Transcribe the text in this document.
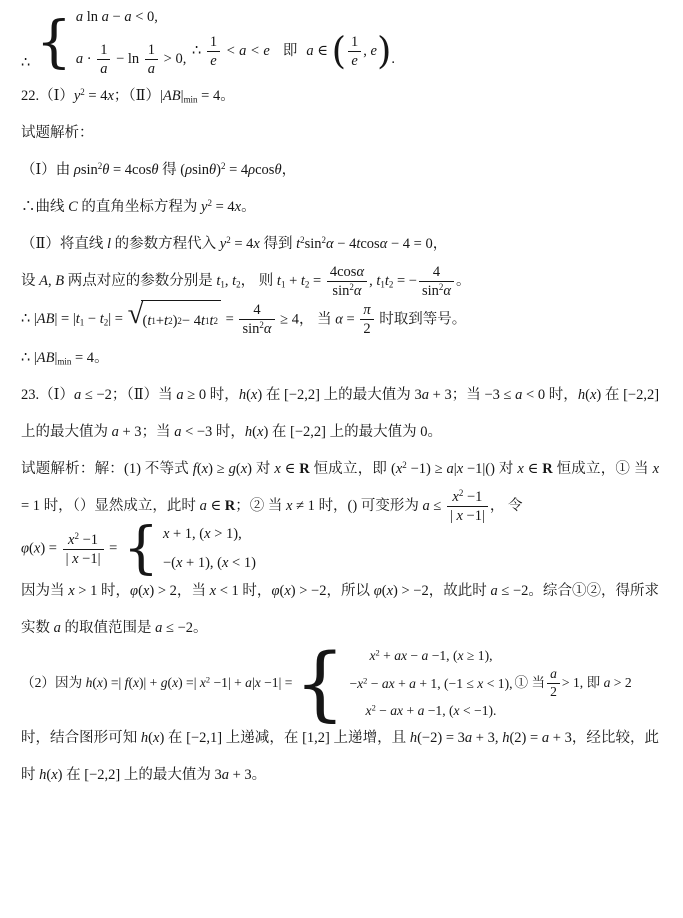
∴ { a ln a − a < 0,
$a \cdot \frac{1}{a} - \ln \frac{1}{a} > 0$, ∴ $\frac{1}{e} < a < e$ 即 a ∈ ( $\frac{1}{e}$ , e).

$22.(Ⅰ)y^2 = 4x$；$(Ⅱ)|AB|_{min} = 4$。

试题解析：

（Ⅰ）由 ρsin$^2$θ = 4cosθ 得 $(\rho\sin\theta)^2 = 4\rho\cos\theta$，

∴曲线 C 的直角坐标方程为 $y^2 = 4x$。

（Ⅱ）将直线 l 的参数方程代入 $y^2 = 4x$ 得到 $t^2\sin^2\alpha - 4tcos\alpha - 4 = 0$，

设 A, B 两点对应的参数分别是 $t_1$, $t_2$， 则 $t_1 + t_2 = \frac{4\cos\alpha}{\sin^2\alpha}$ , $t_1t_2$ = − $\frac{4}{\sin^2\alpha}$ 。

∴ $|AB| = |t_1 - t_2|$ = √ ( t 1 + t 2 ) 2 − 4 t 1 t $2 = \frac{4}{\sin^2\alpha} \ge 4$， 当 $\alpha = \frac{\pi}{2}$ 时取到等号。

∴ $|AB|_{min} = 4$。

23.（Ⅰ）a ≤ −2；（Ⅱ）当 a ≥ 0 时，h(x) 在 [−2,2] 上的最大值为 3a + 3；当 −3 ≤ a < 0 时，h(x) 在 [−2,2] 上的最大值为 a + 3；当 a < −3 时，h(x) 在 [−2,2] 上的最大值为 0。

试题解析：解：(1) 不等式 f(x) ≥ g(x) 对 x ∈ R 恒成立，即 $(x^2 -1) \ge a|x -1|()$ 对 x ∈ R 恒成立，① 当 x = 1 时，（）显然成立，此时 a ∈ R；② 当 x ≠ 1 时，() 可变形为 $a \le \frac{x^2 -1}{| x -1|}$ ， 令

$\varphi(x) = \frac{x^2 -1}{| x -1|}$ = { x + 1, (x > 1),
−(x + 1), (x < 1)

因为当 x > 1 时，φ(x) > 2，当 x < 1 时，φ(x) > −2，所以 φ(x) > −2，故此时 a ≤ −2。综合①②，得所求实数 a 的取值范围是 a ≤ −2。

（2）因为 h(x) =| f(x)| + g(x) =| $x^2 -1| + a|x -1|$ = { $x^2$ + ax − a −1, (x ≥ 1),
$-x^2$ − ax + a + 1, (−1 ≤ x < 1),
$x^2$ − ax + a −1, (x < −1).
① 当 $\frac{a}{2} > 1$, 即 a > 2

时，结合图形可知 h(x) 在 [−2,1] 上递减，在 [1,2] 上递增，且 h(−2) = 3a + 3, h(2) = a + 3，经比较，此时 h(x) 在 [−2,2] 上的最大值为 3a + 3。
